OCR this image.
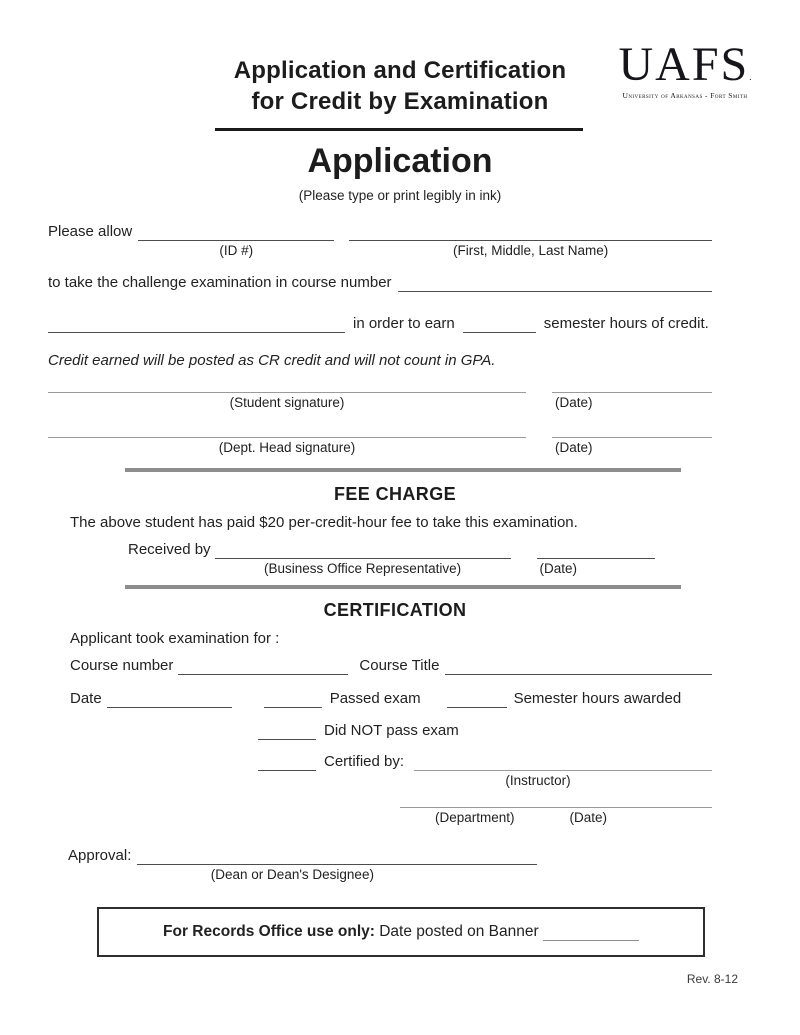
Application and Certification
for Credit by Examination
UAFS.
University of Arkansas - Fort Smith
Application
(Please type or print legibly in ink)
Please allow
(ID #)	(First, Middle, Last Name)
to take the challenge examination in course number
in order to earn	semester hours of credit.
Credit earned will be posted as CR credit and will not count in GPA.
(Student signature)	(Date)
(Dept. Head signature)	(Date)
FEE CHARGE
The above student has paid $20 per-credit-hour fee to take this examination.
Received by
(Business Office Representative)	(Date)
CERTIFICATION
Applicant took examination for :
Course number	Course Title
Date	Passed exam	Semester hours awarded
Did NOT pass exam
Certified by:
(Instructor)
(Department)	(Date)
Approval:
(Dean or Dean's Designee)
For Records Office use only: Date posted on Banner
Rev. 8-12
